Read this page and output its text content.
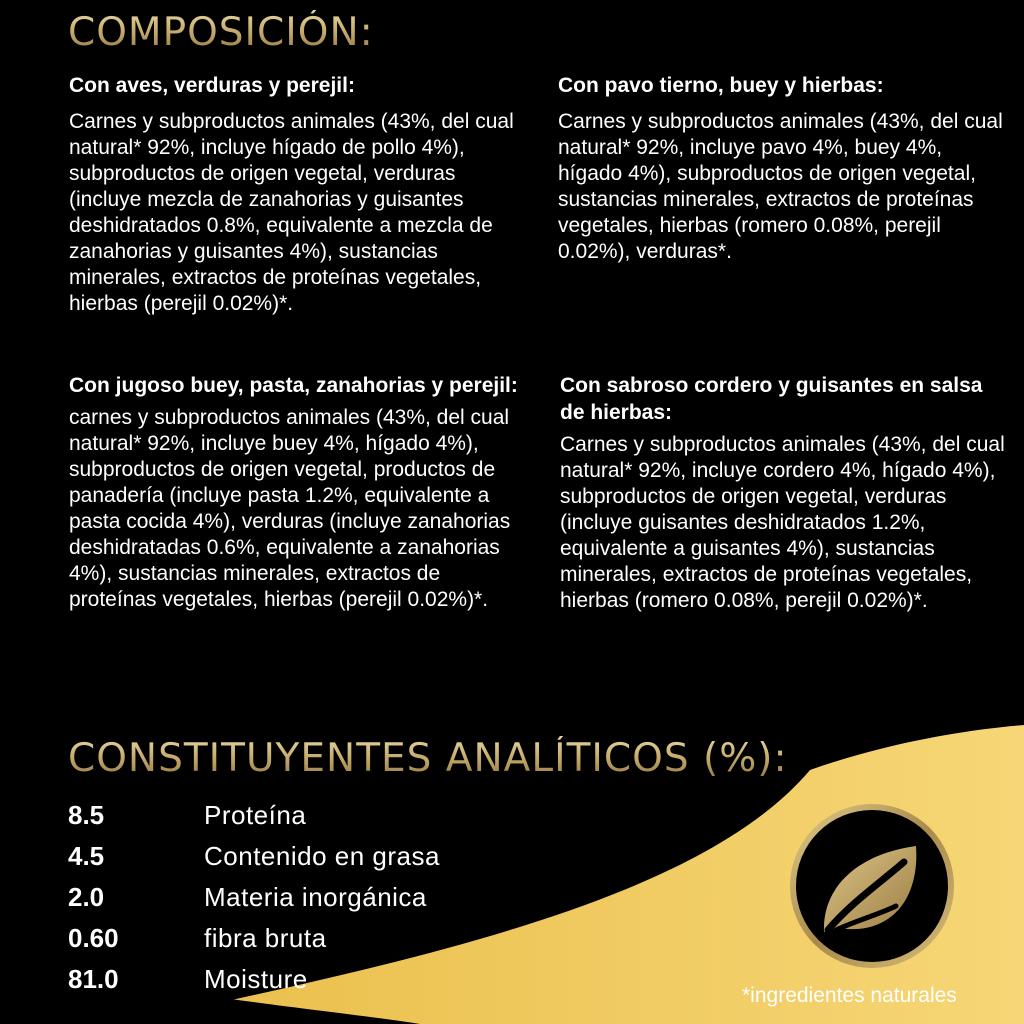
COMPOSICIÓN:

Con aves, verduras y perejil:

Carnes y subproductos animales (43%, del cual natural* 92%, incluye hígado de pollo 4%), subproductos de origen vegetal, verduras (incluye mezcla de zanahorias y guisantes deshidratados 0.8%, equivalente a mezcla de zanahorias y guisantes 4%), sustancias minerales, extractos de proteínas vegetales, hierbas (perejil 0.02%)*.

Con pavo tierno, buey y hierbas:

Carnes y subproductos animales (43%, del cual natural* 92%, incluye pavo 4%, buey 4%, hígado 4%), subproductos de origen vegetal, sustancias minerales, extractos de proteínas vegetales, hierbas (romero 0.08%, perejil 0.02%), verduras*.

Con jugoso buey, pasta, zanahorias y perejil:

carnes y subproductos animales (43%, del cual natural* 92%, incluye buey 4%, hígado 4%), subproductos de origen vegetal, productos de panadería (incluye pasta 1.2%, equivalente a pasta cocida 4%), verduras (incluye zanahorias deshidratadas 0.6%, equivalente a zanahorias 4%), sustancias minerales, extractos de proteínas vegetales, hierbas (perejil 0.02%)*.

Con sabroso cordero y guisantes en salsa de hierbas:

Carnes y subproductos animales (43%, del cual natural* 92%, incluye cordero 4%, hígado 4%), subproductos de origen vegetal, verduras (incluye guisantes deshidratados 1.2%, equivalente a guisantes 4%), sustancias minerales, extractos de proteínas vegetales, hierbas (romero 0.08%, perejil 0.02%)*.

CONSTITUYENTES ANALÍTICOS (%):
8.5	Proteína
4.5	Contenido en grasa
2.0	Materia inorgánica
0.60	fibra bruta
81.0	Moisture
*ingredientes naturales
